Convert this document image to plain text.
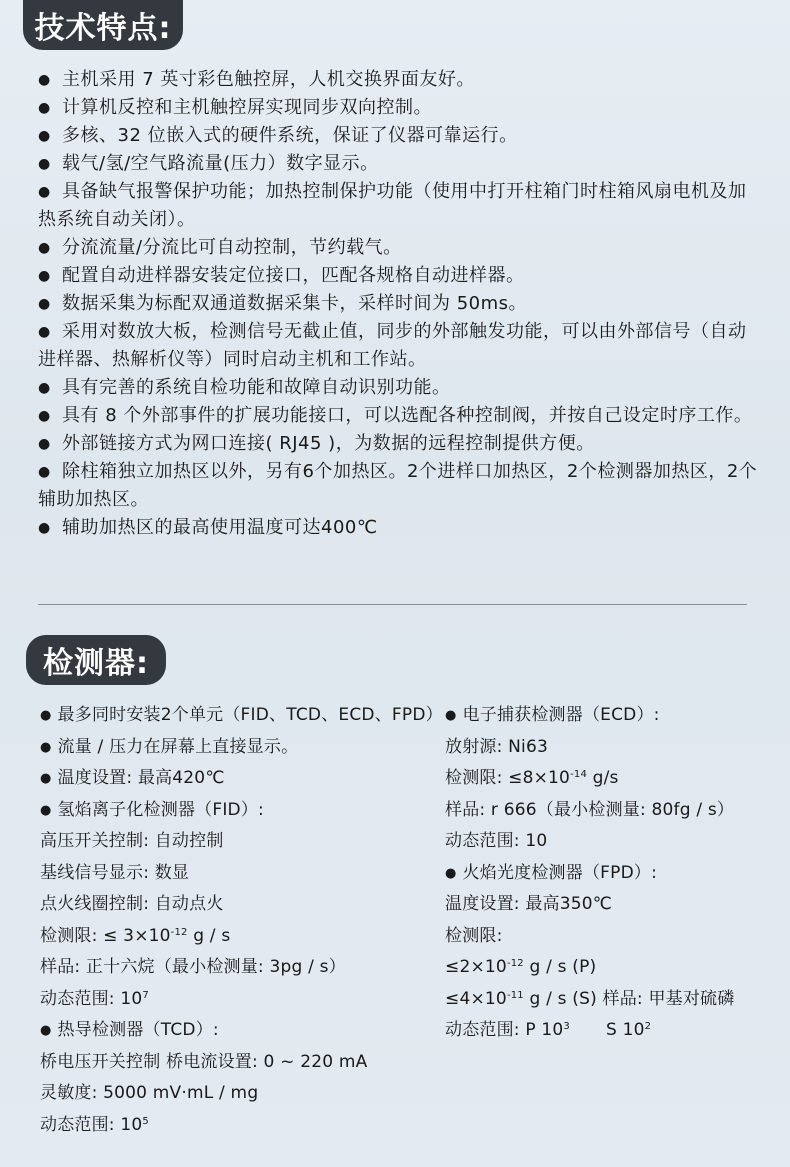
技术特点:
● 主机采用 7 英寸彩色触控屏，人机交换界面友好。
● 计算机反控和主机触控屏实现同步双向控制。
● 多核、32 位嵌入式的硬件系统，保证了仪器可靠运行。
● 载气/氢/空气路流量(压力）数字显示。
● 具备缺气报警保护功能；加热控制保护功能（使用中打开柱箱门时柱箱风扇电机及加热系统自动关闭）。
● 分流流量/分流比可自动控制，节约载气。
● 配置自动进样器安装定位接口，匹配各规格自动进样器。
● 数据采集为标配双通道数据采集卡，采样时间为 50ms。
● 采用对数放大板，检测信号无截止值，同步的外部触发功能，可以由外部信号（自动进样器、热解析仪等）同时启动主机和工作站。
● 具有完善的系统自检功能和故障自动识别功能。
● 具有 8 个外部事件的扩展功能接口，可以选配各种控制阀，并按自己设定时序工作。
● 外部链接方式为网口连接( RJ45 )，为数据的远程控制提供方便。
● 除柱箱独立加热区以外，另有6个加热区。2个进样口加热区，2个检测器加热区，2个辅助加热区。
● 辅助加热区的最高使用温度可达400℃
检测器:
● 最多同时安装2个单元（FID、TCD、ECD、FPD）
● 流量 / 压力在屏幕上直接显示。
● 温度设置: 最高420℃
● 氢焰离子化检测器（FID）:
高压开关控制: 自动控制
基线信号显示: 数显
点火线圈控制: 自动点火
检测限: ≤ $3\times 10^{-12}$ g / s
样品: 正十六烷（最小检测量: 3pg / s）
动态范围: $10^7$
● 热导检测器（TCD）:
桥电压开关控制 桥电流设置: 0 ~ 220 mA
灵敏度: 5000 mV·mL / mg
动态范围: $10^5$
● 电子捕获检测器（ECD）:
放射源: Ni63
检测限: $\le 8\times 10^{-14}$ g/s
样品: r 666（最小检测量: 80fg / s）
动态范围: 10
● 火焰光度检测器（FPD）:
温度设置: 最高350℃
检测限:
$\le 2\times 10^{-12}$ g / s (P)
$\le 4\times 10^{-11}$ g / s (S) 样品: 甲基对硫磷
动态范围: P $10^3$ S $10^2$
